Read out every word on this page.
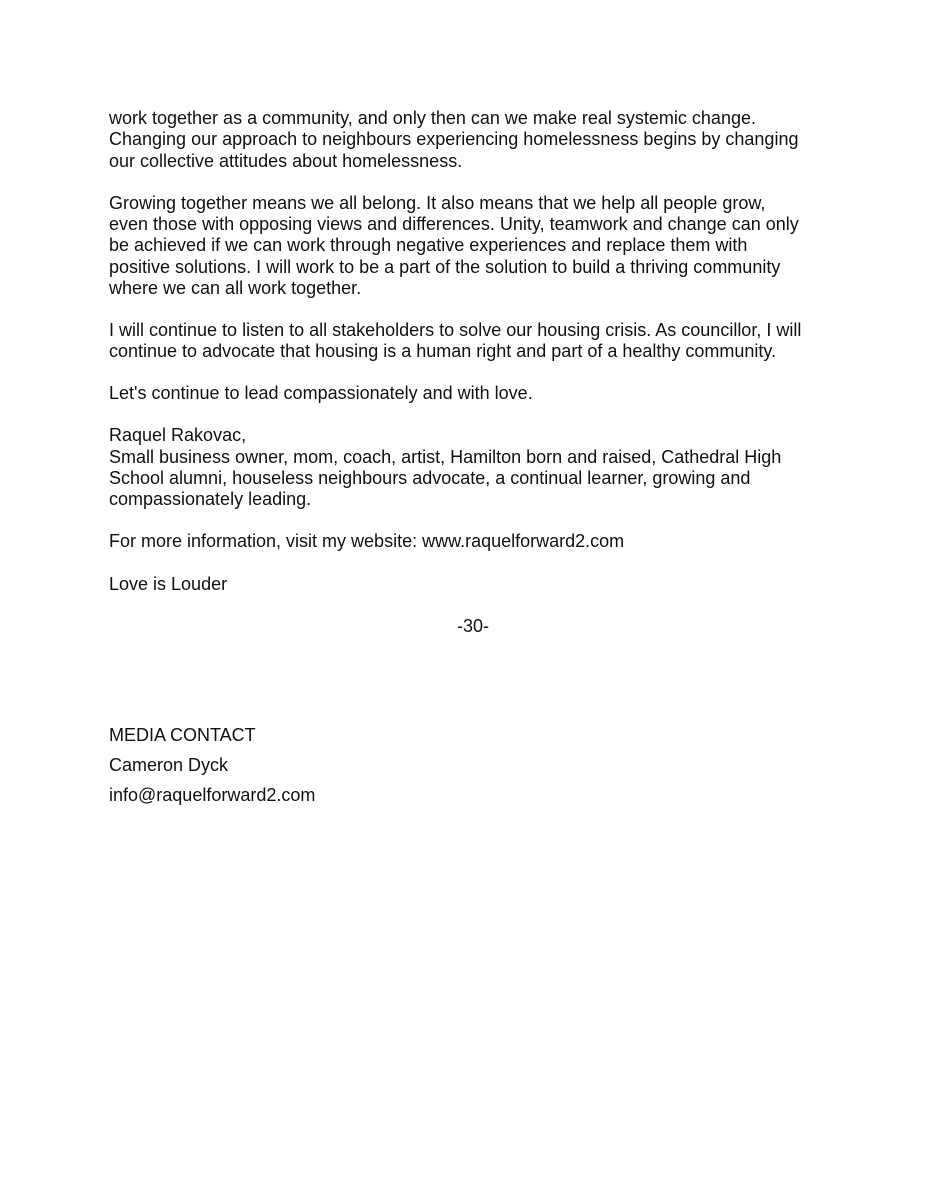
work together as a community, and only then can we make real systemic change.
Changing our approach to neighbours experiencing homelessness begins by changing
our collective attitudes about homelessness.

Growing together means we all belong. It also means that we help all people grow,
even those with opposing views and differences. Unity, teamwork and change can only
be achieved if we can work through negative experiences and replace them with
positive solutions. I will work to be a part of the solution to build a thriving community
where we can all work together.

I will continue to listen to all stakeholders to solve our housing crisis. As councillor, I will
continue to advocate that housing is a human right and part of a healthy community.

Let's continue to lead compassionately and with love.

Raquel Rakovac,
Small business owner, mom, coach, artist, Hamilton born and raised, Cathedral High
School alumni, houseless neighbours advocate, a continual learner, growing and
compassionately leading.

For more information, visit my website: www.raquelforward2.com

Love is Louder

-30-

MEDIA CONTACT
Cameron Dyck
info@raquelforward2.com
